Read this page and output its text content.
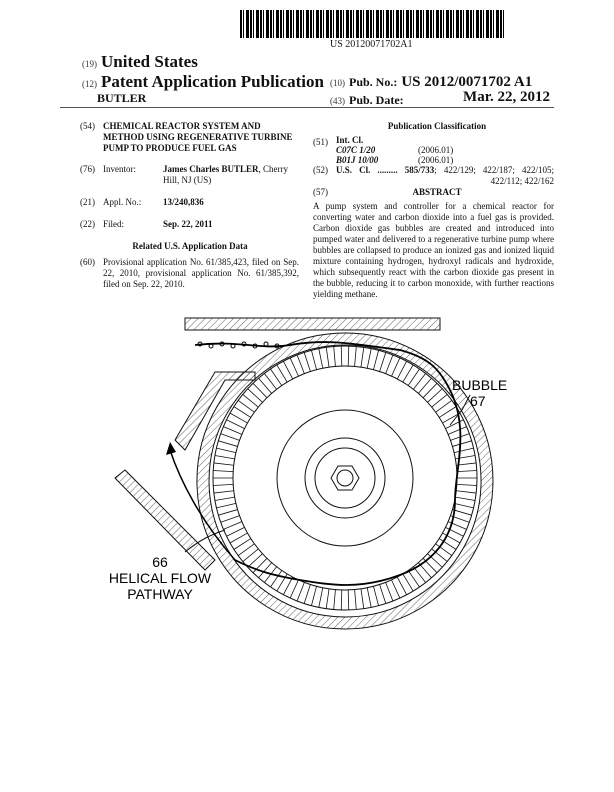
US 20120071702A1
(19) United States
(12) Patent Application Publication
BUTLER
(10) Pub. No.: US 2012/0071702 A1
(43) Pub. Date:	Mar. 22, 2012
(54) CHEMICAL REACTOR SYSTEM AND METHOD USING REGENERATIVE TURBINE PUMP TO PRODUCE FUEL GAS
(76) Inventor:	James Charles BUTLER, Cherry Hill, NJ (US)
(21) Appl. No.: 13/240,836
(22) Filed:	Sep. 22, 2011
Related U.S. Application Data
(60) Provisional application No. 61/385,423, filed on Sep. 22, 2010, provisional application No. 61/385,392, filed on Sep. 22, 2010.
Publication Classification
(51) Int. Cl.
C07C 1/20	(2006.01)
B01J 10/00	(2006.01)
(52) U.S. Cl. ......... 585/733; 422/129; 422/187; 422/105; 422/112; 422/162
(57)	ABSTRACT
A pump system and controller for a chemical reactor for converting water and carbon dioxide into a fuel gas is provided. Carbon dioxide gas bubbles are created and introduced into pumped water and delivered to a regenerative turbine pump where bubbles are collapsed to produce an ionized gas and ionized liquid mixture containing hydrogen, hydroxyl radicals and hydroxide, which subsequently react with the carbon dioxide gas present in the bubble, reducing it to carbon monoxide, with further reactions yielding methane.
BUBBLE
67
66
HELICAL FLOW
PATHWAY
